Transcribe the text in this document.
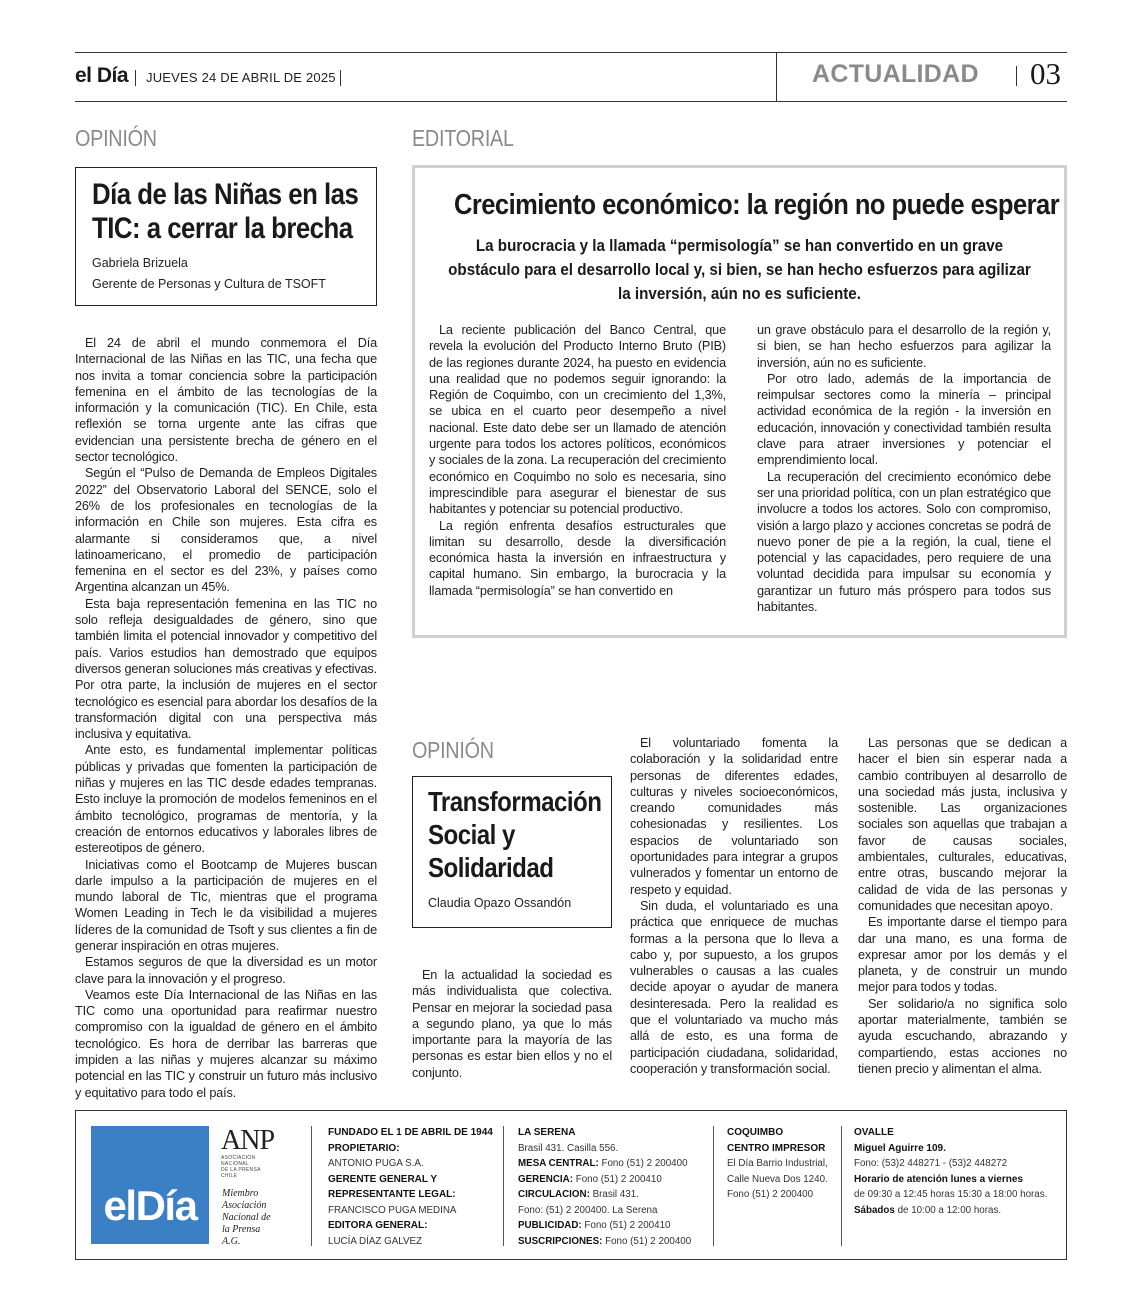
el Día JUEVES 24 DE ABRIL DE 2025	ACTUALIDAD 03
OPINIÓN
Día de las Niñas en las
TIC: a cerrar la brecha
Gabriela Brizuela
Gerente de Personas y Cultura de TSOFT

El 24 de abril el mundo conmemora el Día Internacional de las Niñas en las TIC, una fecha que nos invita a tomar conciencia sobre la participación femenina en el ámbito de las tecnologías de la información y la comunicación (TIC). En Chile, esta reflexión se torna urgente ante las cifras que evidencian una persistente brecha de género en el sector tecnológico.

Según el “Pulso de Demanda de Empleos Digitales 2022” del Observatorio Laboral del SENCE, solo el 26% de los profesionales en tecnologías de la información en Chile son mujeres. Esta cifra es alarmante si consideramos que, a nivel latinoamericano, el promedio de participación femenina en el sector es del 23%, y países como Argentina alcanzan un 45%.

Esta baja representación femenina en las TIC no solo refleja desigualdades de género, sino que también limita el potencial innovador y competitivo del país. Varios estudios han demostrado que equipos diversos generan soluciones más creativas y efectivas. Por otra parte, la inclusión de mujeres en el sector tecnológico es esencial para abordar los desafíos de la transformación digital con una perspectiva más inclusiva y equitativa.

Ante esto, es fundamental implementar políticas públicas y privadas que fomenten la participación de niñas y mujeres en las TIC desde edades tempranas. Esto incluye la promoción de modelos femeninos en el ámbito tecnológico, programas de mentoría, y la creación de entornos educativos y laborales libres de estereotipos de género.

Iniciativas como el Bootcamp de Mujeres buscan darle impulso a la participación de mujeres en el mundo laboral de TIc, mientras que el programa Women Leading in Tech le da visibilidad a mujeres líderes de la comunidad de Tsoft y sus clientes a fin de generar inspiración en otras mujeres.

Estamos seguros de que la diversidad es un motor clave para la innovación y el progreso.

Veamos este Día Internacional de las Niñas en las TIC como una oportunidad para reafirmar nuestro compromiso con la igualdad de género en el ámbito tecnológico. Es hora de derribar las barreras que impiden a las niñas y mujeres alcanzar su máximo potencial en las TIC y construir un futuro más inclusivo y equitativo para todo el país.

EDITORIAL
Crecimiento económico: la región no puede esperar
La burocracia y la llamada “permisología” se han convertido en un grave
obstáculo para el desarrollo local y, si bien, se han hecho esfuerzos para agilizar
la inversión, aún no es suficiente.

La reciente publicación del Banco Central, que revela la evolución del Producto Interno Bruto (PIB) de las regiones durante 2024, ha puesto en evidencia una realidad que no podemos seguir ignorando: la Región de Coquimbo, con un crecimiento del 1,3%, se ubica en el cuarto peor desempeño a nivel nacional. Este dato debe ser un llamado de atención urgente para todos los actores políticos, económicos y sociales de la zona. La recuperación del crecimiento económico en Coquimbo no solo es necesaria, sino imprescindible para asegurar el bienestar de sus habitantes y potenciar su potencial productivo.

La región enfrenta desafíos estructurales que limitan su desarrollo, desde la diversificación económica hasta la inversión en infraestructura y capital humano. Sin embargo, la burocracia y la llamada “permisología” se han convertido en

un grave obstáculo para el desarrollo de la región y, si bien, se han hecho esfuerzos para agilizar la inversión, aún no es suficiente.

Por otro lado, además de la importancia de reimpulsar sectores como la minería – principal actividad económica de la región - la inversión en educación, innovación y conectividad también resulta clave para atraer inversiones y potenciar el emprendimiento local.

La recuperación del crecimiento económico debe ser una prioridad política, con un plan estratégico que involucre a todos los actores. Solo con compromiso, visión a largo plazo y acciones concretas se podrá de nuevo poner de pie a la región, la cual, tiene el potencial y las capacidades, pero requiere de una voluntad decidida para impulsar su economía y garantizar un futuro más próspero para todos sus habitantes.

OPINIÓN
Transformación
Social y
Solidaridad
Claudia Opazo Ossandón

En la actualidad la sociedad es más individualista que colectiva. Pensar en mejorar la sociedad pasa a segundo plano, ya que lo más importante para la mayoría de las personas es estar bien ellos y no el conjunto.

El voluntariado fomenta la colaboración y la solidaridad entre personas de diferentes edades, culturas y niveles socioeconómicos, creando comunidades más cohesionadas y resilientes. Los espacios de voluntariado son oportunidades para integrar a grupos vulnerados y fomentar un entorno de respeto y equidad.

Sin duda, el voluntariado es una práctica que enriquece de muchas formas a la persona que lo lleva a cabo y, por supuesto, a los grupos vulnerables o causas a las cuales decide apoyar o ayudar de manera desinteresada. Pero la realidad es que el voluntariado va mucho más allá de esto, es una forma de participación ciudadana, solidaridad, cooperación y transformación social.

Las personas que se dedican a hacer el bien sin esperar nada a cambio contribuyen al desarrollo de una sociedad más justa, inclusiva y sostenible. Las organizaciones sociales son aquellas que trabajan a favor de causas sociales, ambientales, culturales, educativas, entre otras, buscando mejorar la calidad de vida de las personas y comunidades que necesitan apoyo.

Es importante darse el tiempo para dar una mano, es una forma de expresar amor por los demás y el planeta, y de construir un mundo mejor para todos y todas.

Ser solidario/a no significa solo aportar materialmente, también se ayuda escuchando, abrazando y compartiendo, estas acciones no tienen precio y alimentan el alma.

elDía
ANP
ASOCIACIÓN
NACIONAL
DE LA PRENSA
CHILE
Miembro
Asociación
Nacional de
la Prensa
A.G.
FUNDADO EL 1 DE ABRIL DE 1944
PROPIETARIO:
ANTONIO PUGA S.A.
GERENTE GENERAL Y
REPRESENTANTE LEGAL:
FRANCISCO PUGA MEDINA
EDITORA GENERAL:
LUCÍA DÍAZ GALVEZ
LA SERENA
Brasil 431. Casilla 556.
MESA CENTRAL: Fono (51) 2 200400
GERENCIA: Fono (51) 2 200410
CIRCULACION: Brasil 431.
Fono: (51) 2 200400. La Serena
PUBLICIDAD: Fono (51) 2 200410
SUSCRIPCIONES: Fono (51) 2 200400
COQUIMBO
CENTRO IMPRESOR
El Día Barrio Industrial,
Calle Nueva Dos 1240.
Fono (51) 2 200400
OVALLE
Miguel Aguirre 109.
Fono: (53)2 448271 - (53)2 448272
Horario de atención lunes a viernes
de 09:30 a 12:45 horas 15:30 a 18:00 horas.
Sábados de 10:00 a 12:00 horas.
